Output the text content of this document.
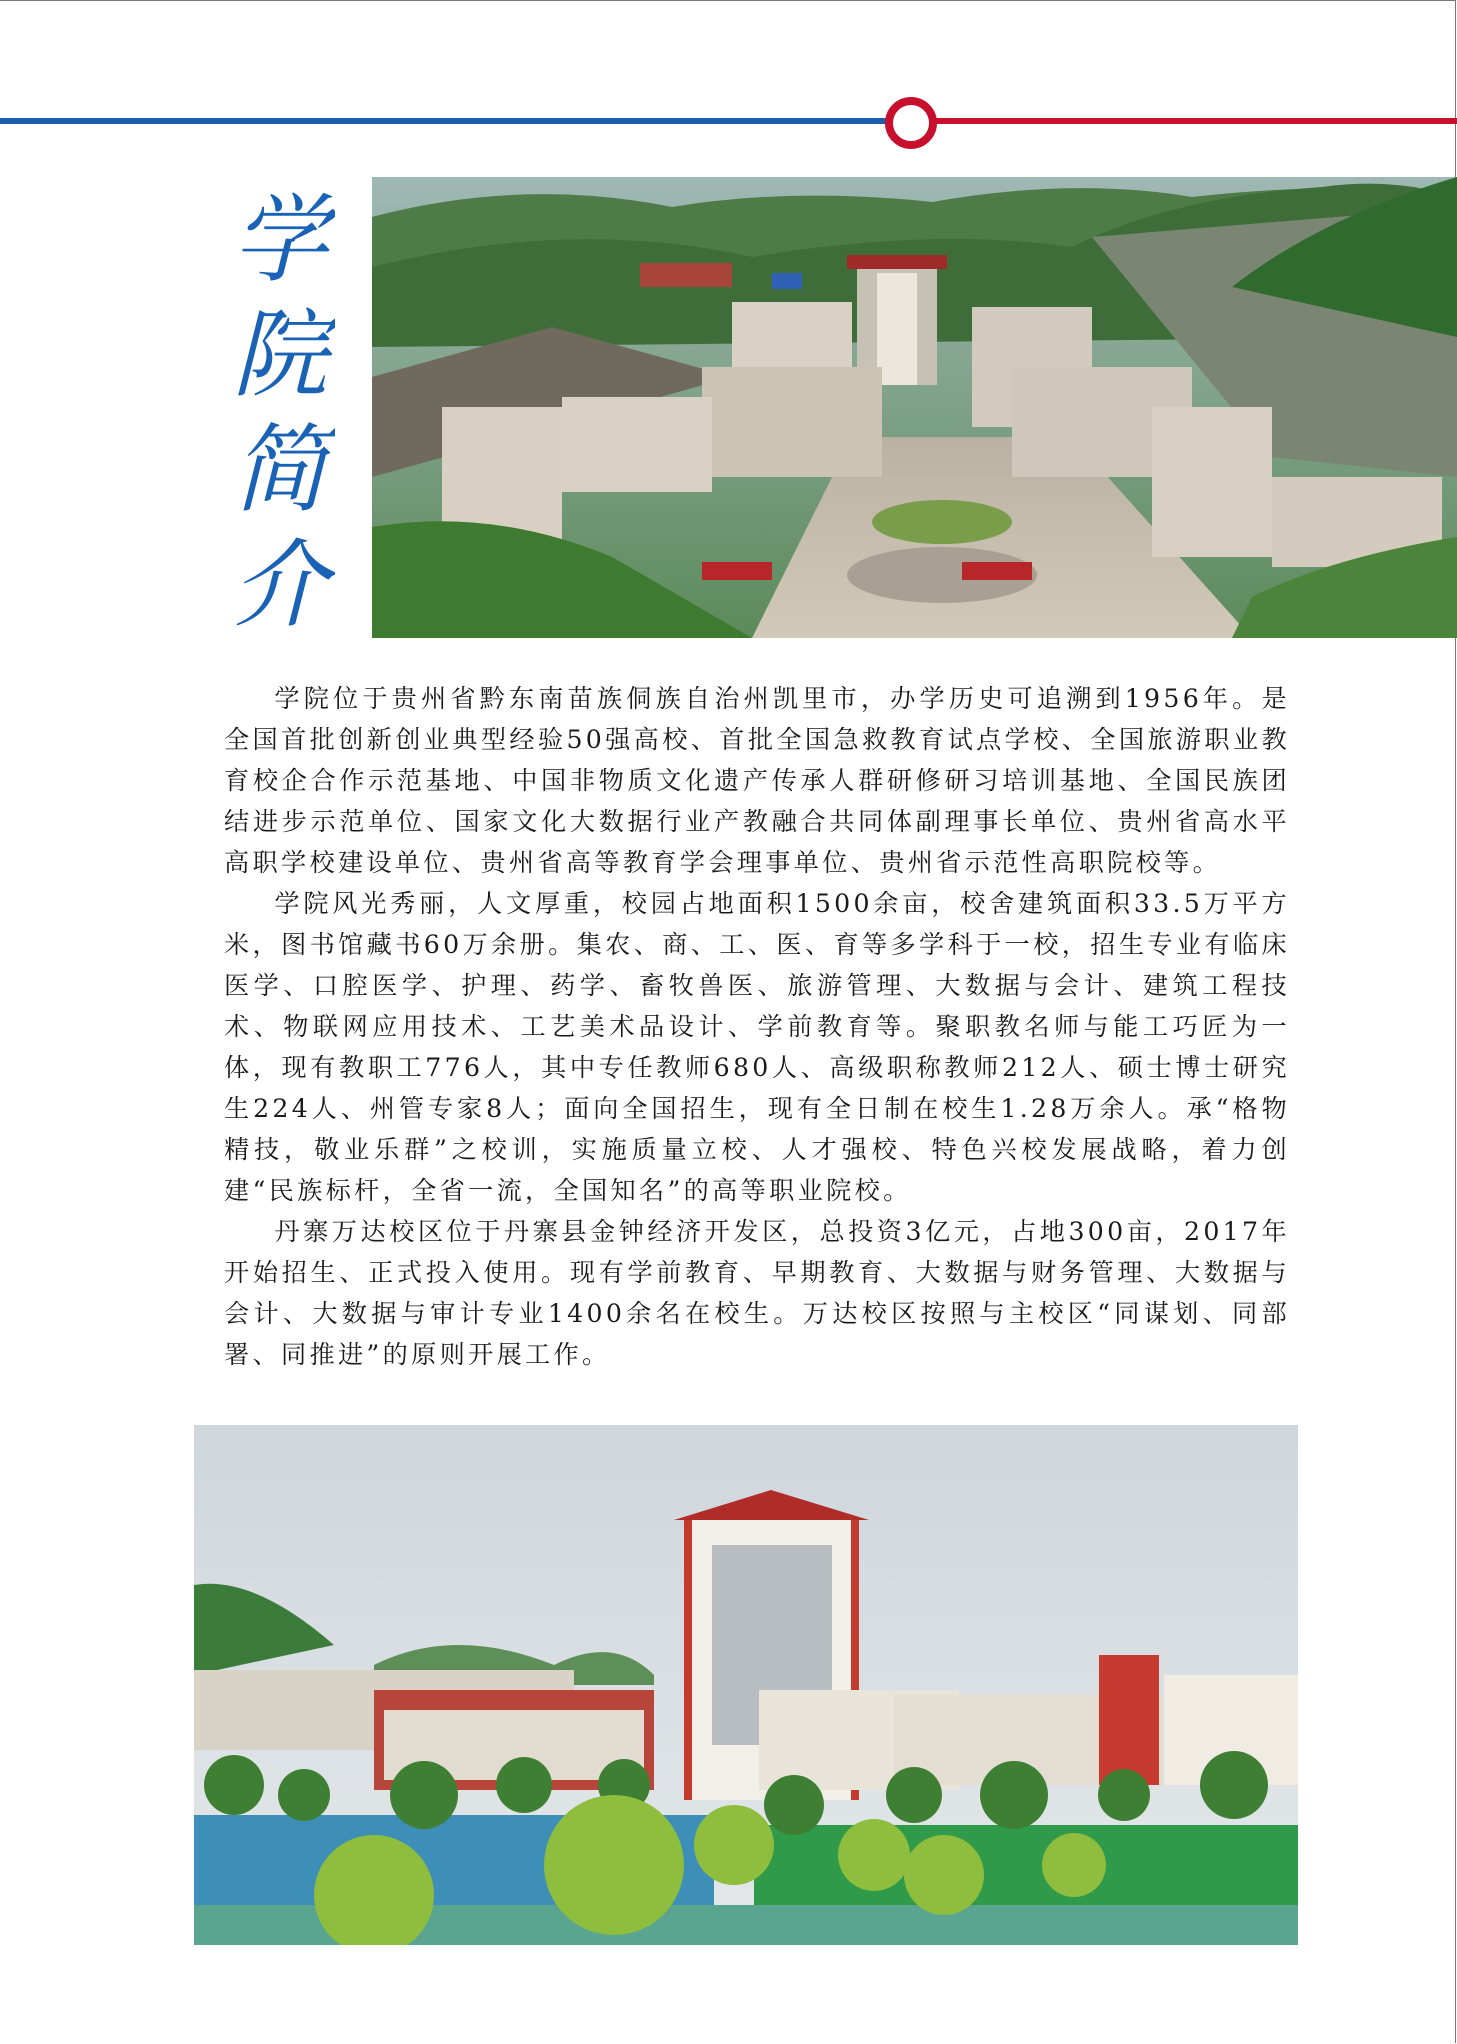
学
院
简
介

学院位于贵州省黔东南苗族侗族自治州凯里市，办学历史可追溯到1956年。是全国首批创新创业典型经验50强高校、首批全国急救教育试点学校、全国旅游职业教育校企合作示范基地、中国非物质文化遗产传承人群研修研习培训基地、全国民族团结进步示范单位、国家文化大数据行业产教融合共同体副理事长单位、贵州省高水平高职学校建设单位、贵州省高等教育学会理事单位、贵州省示范性高职院校等。

学院风光秀丽，人文厚重，校园占地面积1500余亩，校舍建筑面积33.5万平方米，图书馆藏书60万余册。集农、商、工、医、育等多学科于一校，招生专业有临床医学、口腔医学、护理、药学、畜牧兽医、旅游管理、大数据与会计、建筑工程技术、物联网应用技术、工艺美术品设计、学前教育等。聚职教名师与能工巧匠为一体，现有教职工776人，其中专任教师680人、高级职称教师212人、硕士博士研究生224人、州管专家8人；面向全国招生，现有全日制在校生1.28万余人。承“格物精技，敬业乐群”之校训，实施质量立校、人才强校、特色兴校发展战略，着力创建“民族标杆，全省一流，全国知名”的高等职业院校。

丹寨万达校区位于丹寨县金钟经济开发区，总投资3亿元，占地300亩，2017年开始招生、正式投入使用。现有学前教育、早期教育、大数据与财务管理、大数据与会计、大数据与审计专业1400余名在校生。万达校区按照与主校区“同谋划、同部署、同推进”的原则开展工作。
